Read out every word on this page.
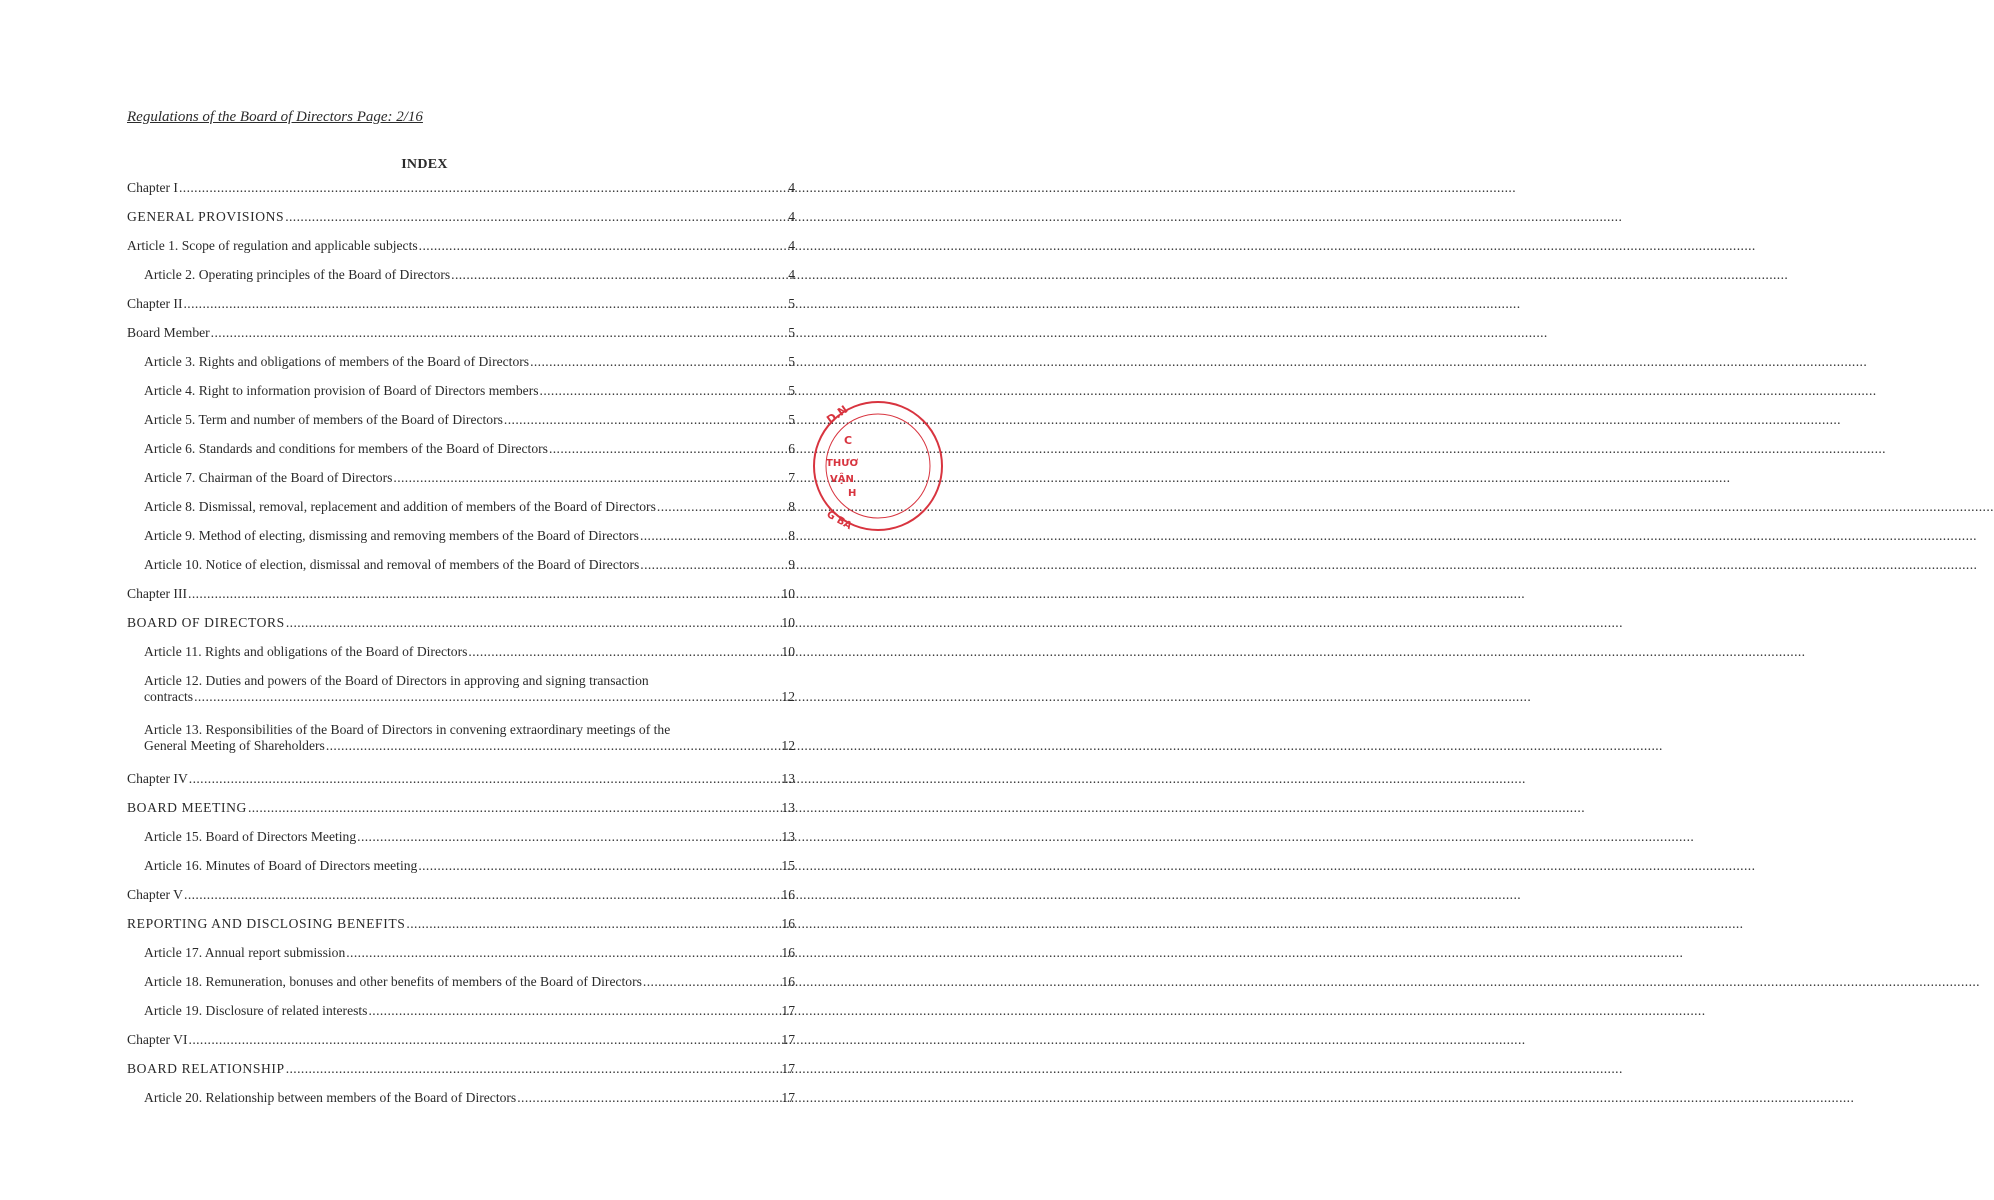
Regulations of the Board of Directors Page: 2/16
INDEX
Chapter I .....	4
GENERAL PROVISIONS .....	4
Article 1. Scope of regulation and applicable subjects .....	4
Article 2. Operating principles of the Board of Directors .....	4
Chapter II .....	5
Board Member .....	5
Article 3. Rights and obligations of members of the Board of Directors .....	5
Article 4. Right to information provision of Board of Directors members .....	5
Article 5. Term and number of members of the Board of Directors .....	5
Article 6. Standards and conditions for members of the Board of Directors .....	6
Article 7. Chairman of the Board of Directors .....	7
Article 8. Dismissal, removal, replacement and addition of members of the Board of Directors .....	8
Article 9. Method of electing, dismissing and removing members of the Board of Directors .....	8
Article 10. Notice of election, dismissal and removal of members of the Board of Directors .....	9
Chapter III .....	10
BOARD OF DIRECTORS .....	10
Article 11. Rights and obligations of the Board of Directors .....	10
Article 12. Duties and powers of the Board of Directors in approving and signing transaction
contracts .....	12
Article 13. Responsibilities of the Board of Directors in convening extraordinary meetings of the
General Meeting of Shareholders .....	12
Chapter IV .....	13
BOARD MEETING .....	13
Article 15. Board of Directors Meeting .....	13
Article 16. Minutes of Board of Directors meeting .....	15
Chapter V .....	16
REPORTING AND DISCLOSING BENEFITS .....	16
Article 17. Annual report submission .....	16
Article 18. Remuneration, bonuses and other benefits of members of the Board of Directors .....	16
Article 19. Disclosure of related interests .....	17
Chapter VI .....	17
BOARD RELATIONSHIP .....	17
Article 20. Relationship between members of the Board of Directors .....	17
D.N
C
THƯƠ
VẬN
H
G BA
